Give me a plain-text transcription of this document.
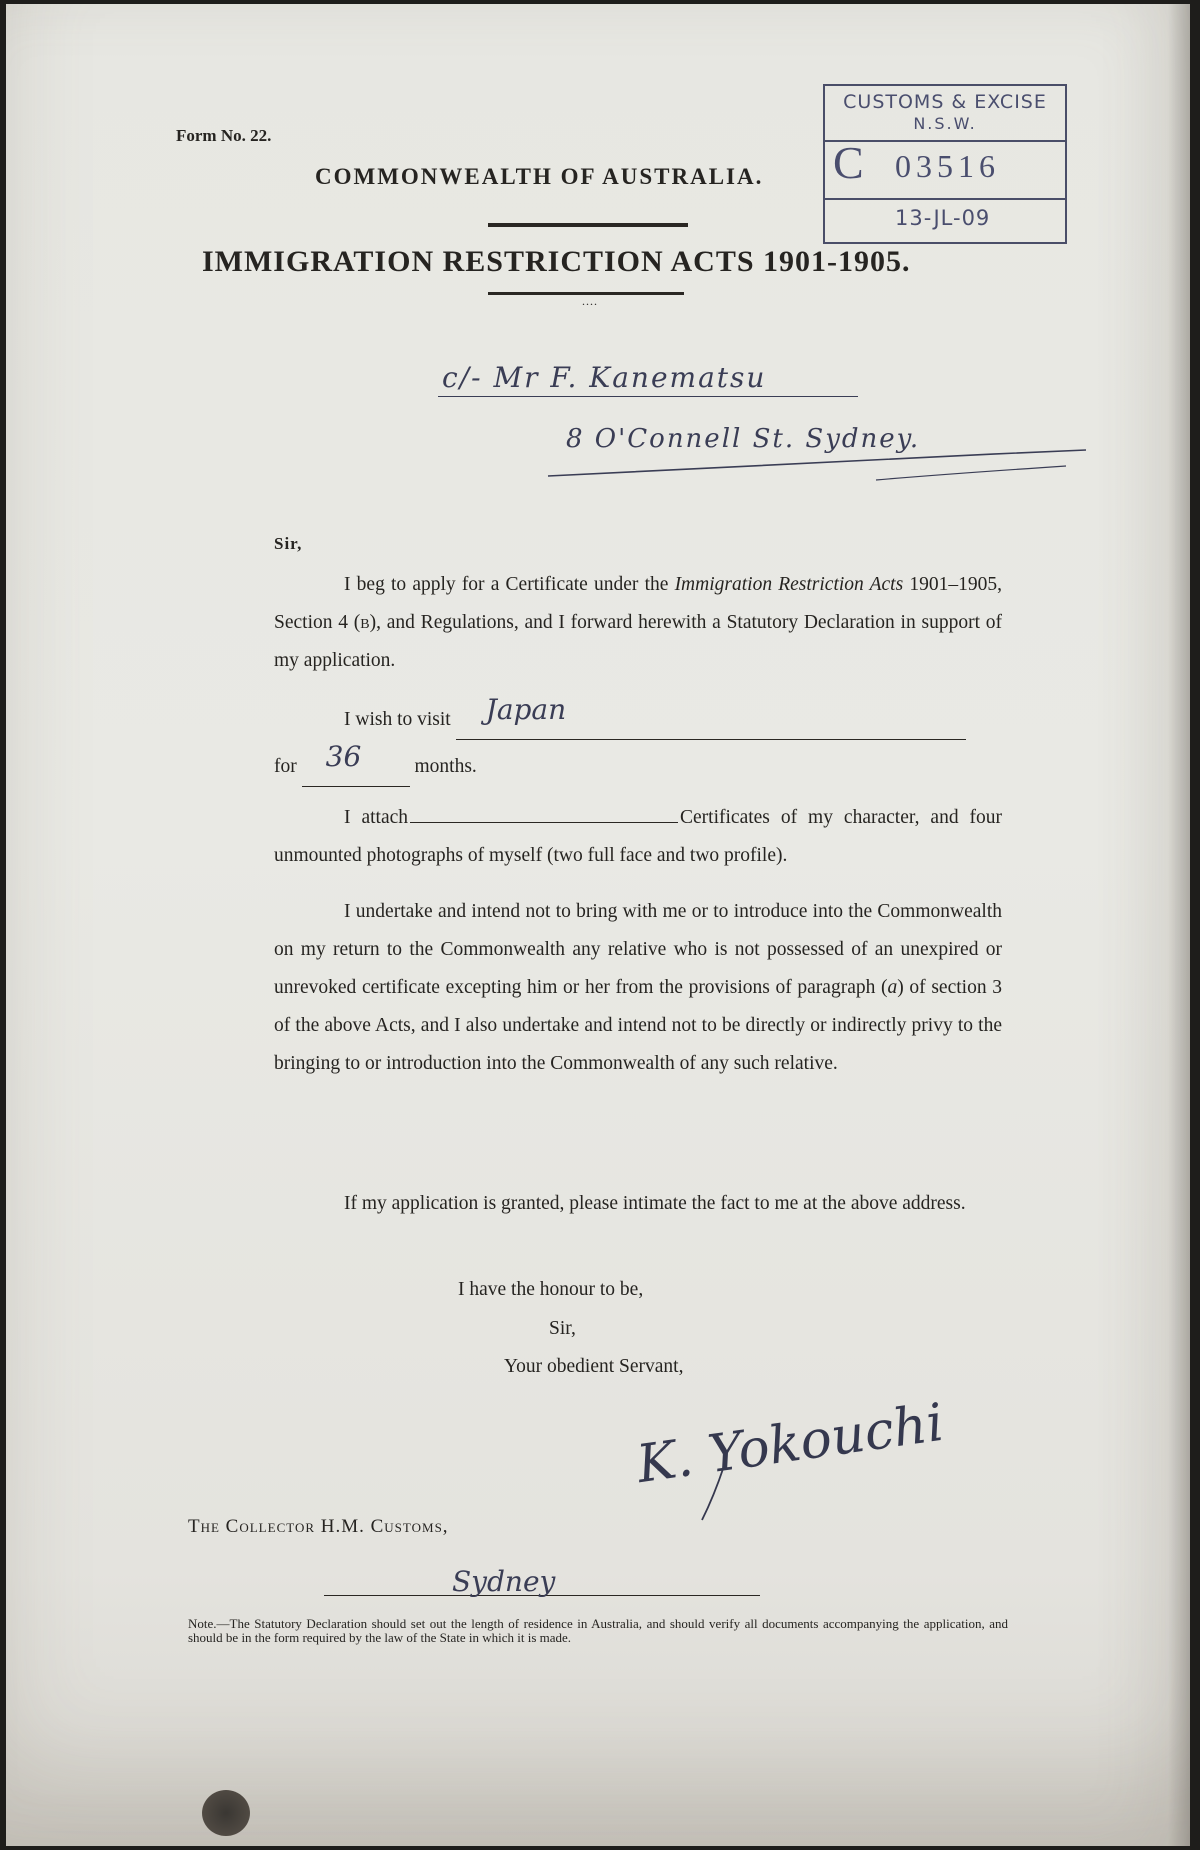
Form No. 22.
COMMONWEALTH OF AUSTRALIA.
IMMIGRATION RESTRICTION ACTS 1901-1905.
....
CUSTOMS & EXCISE
N.S.W.
C 03516
13-JL-09
c/- Mr F. Kanematsu
8 O'Connell St. Sydney.
Sir,

I beg to apply for a Certificate under the Immigration Restriction Acts 1901–1905, Section 4 (b), and Regulations, and I forward herewith a Statutory Declaration in support of my application.

I wish to visit Japan
for 36	months.

I attach	Certificates of my character, and four unmounted photographs of myself (two full face and two profile).

I undertake and intend not to bring with me or to introduce into the Commonwealth on my return to the Commonwealth any relative who is not possessed of an unexpired or unrevoked certificate excepting him or her from the provisions of paragraph (a) of section 3 of the above Acts, and I also undertake and intend not to be directly or indirectly privy to the bringing to or introduction into the Commonwealth of any such relative.

If my application is granted, please intimate the fact to me at the above address.

I have the honour to be,
Sir,
Your obedient Servant,
K. Yokouchi
The Collector H.M. Customs,
Sydney
Note.—The Statutory Declaration should set out the length of residence in Australia, and should verify all documents accompanying the application, and should be in the form required by the law of the State in which it is made.
